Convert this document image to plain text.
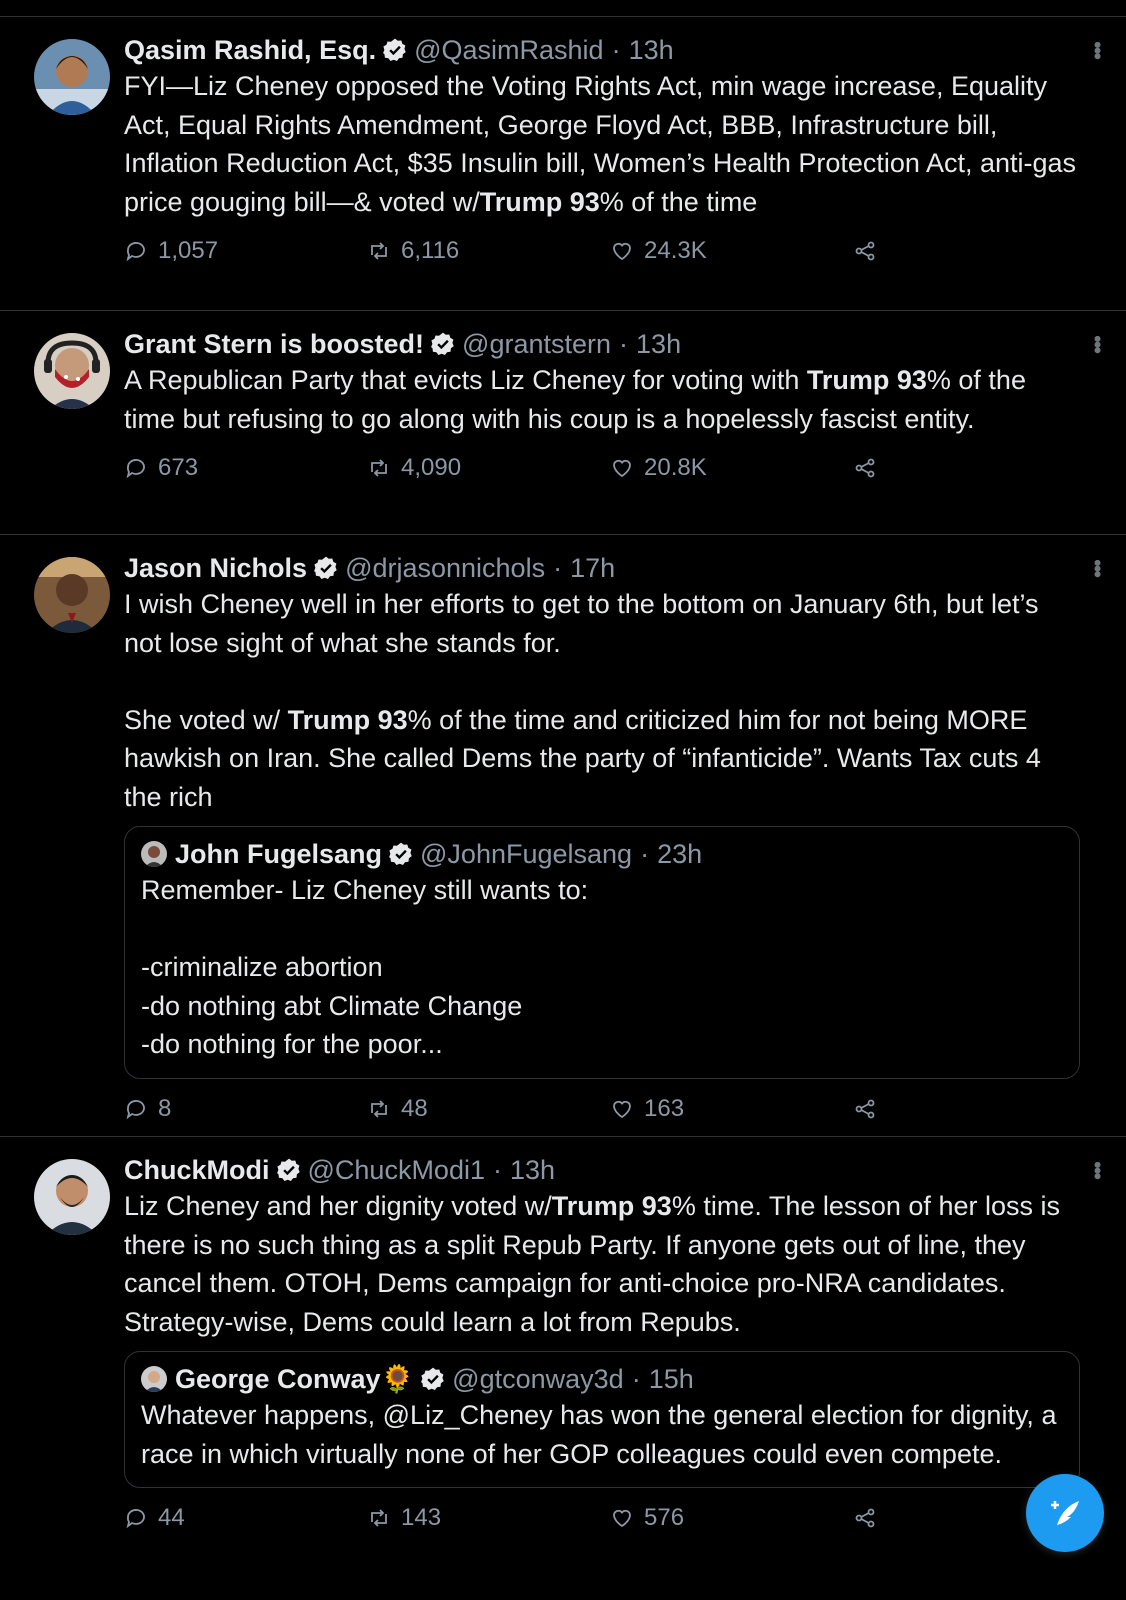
•••
Qasim Rashid, Esq. @QasimRashid · 13h
FYI—Liz Cheney opposed the Voting Rights Act, min wage increase, Equality Act, Equal Rights Amendment, George Floyd Act, BBB, Infrastructure bill, Inflation Reduction Act, $35 Insulin bill, Women’s Health Protection Act, anti-gas price gouging bill—& voted w/Trump 93% of the time
1,057	6,116	24.3K
•••
Grant Stern is boosted! @grantstern · 13h
A Republican Party that evicts Liz Cheney for voting with Trump 93% of the time but refusing to go along with his coup is a hopelessly fascist entity.
673	4,090	20.8K
•••
Jason Nichols @drjasonnichols · 17h
I wish Cheney well in her efforts to get to the bottom on January 6th, but let’s not lose sight of what she stands for.

She voted w/ Trump 93% of the time and criticized him for not being MORE hawkish on Iran. She called Dems the party of “infanticide”. Wants Tax cuts 4 the rich
John Fugelsang @JohnFugelsang · 23h
Remember- Liz Cheney still wants to:

-criminalize abortion
-do nothing abt Climate Change
-do nothing for the poor...
8	48	163
•••
ChuckModi @ChuckModi1 · 13h
Liz Cheney and her dignity voted w/Trump 93% time. The lesson of her loss is there is no such thing as a split Repub Party. If anyone gets out of line, they cancel them. OTOH, Dems campaign for anti-choice pro-NRA candidates. Strategy-wise, Dems could learn a lot from Repubs.
George Conway🌻 @gtconway3d · 15h
Whatever happens, @Liz_Cheney has won the general election for dignity, a race in which virtually none of her GOP colleagues could even compete.
44	143	576
